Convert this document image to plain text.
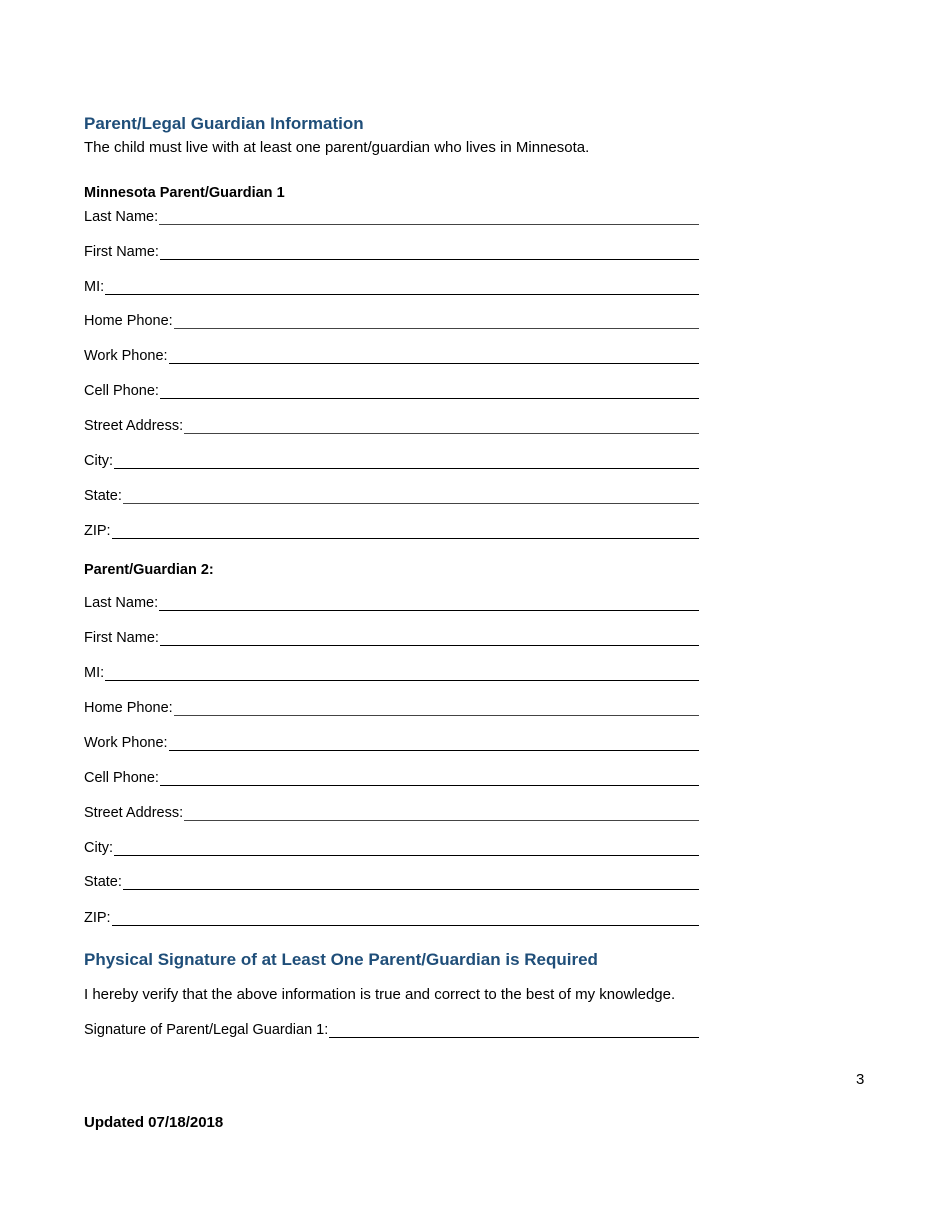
Parent/Legal Guardian Information
The child must live with at least one parent/guardian who lives in Minnesota.
Minnesota Parent/Guardian 1
Last Name:
First Name:
MI:
Home Phone:
Work Phone:
Cell Phone:
Street Address:
City:
State:
ZIP:
Parent/Guardian 2:
Last Name:
First Name:
MI:
Home Phone:
Work Phone:
Cell Phone:
Street Address:
City:
State:
ZIP:
Physical Signature of at Least One Parent/Guardian is Required
I hereby verify that the above information is true and correct to the best of my knowledge.
Signature of Parent/Legal Guardian 1:
3
Updated 07/18/2018
